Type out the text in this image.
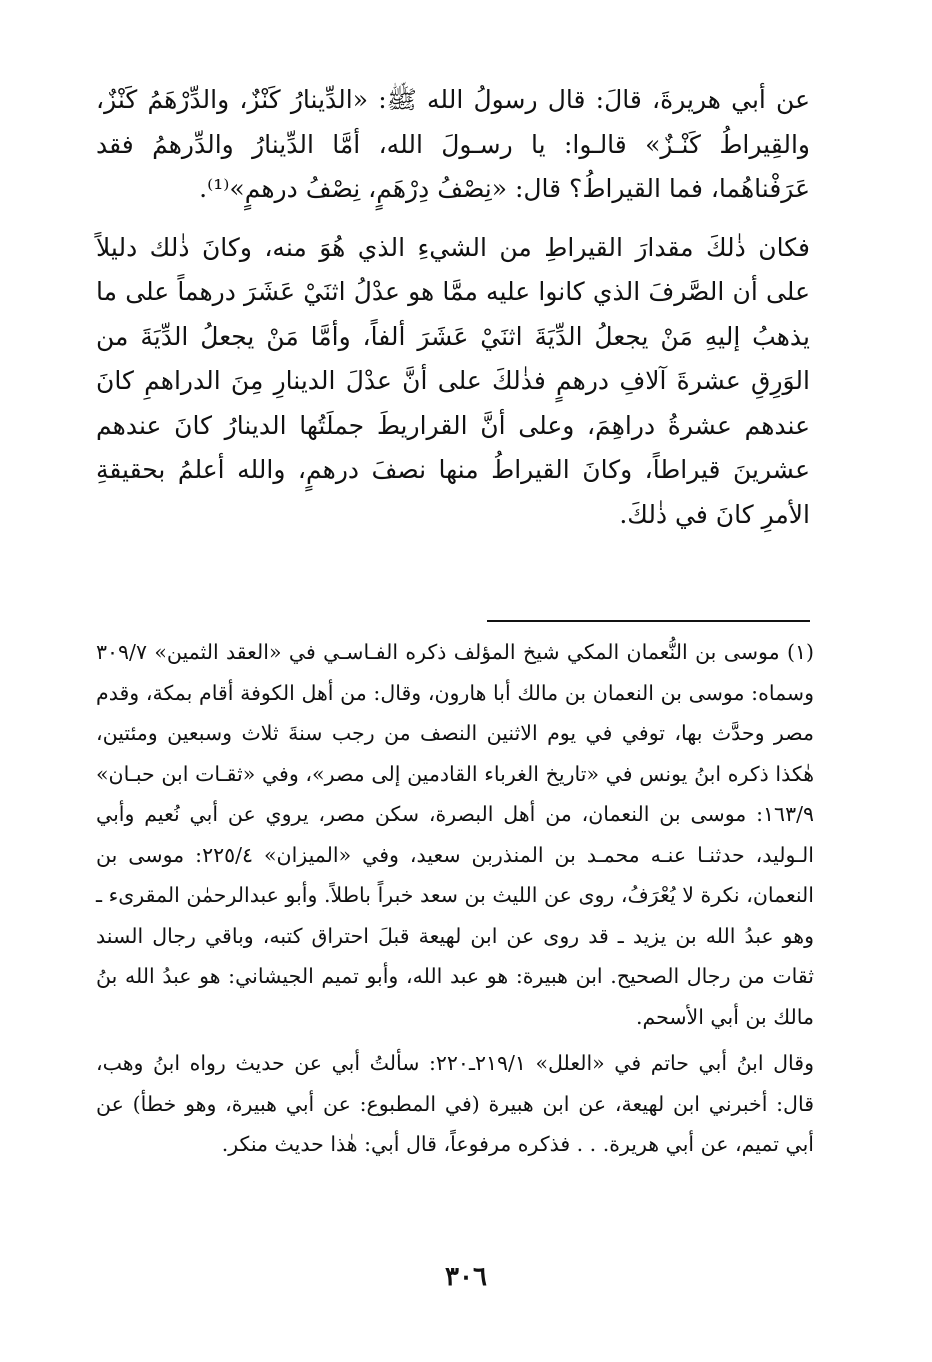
عن أبي هريرةَ، قالَ: قال رسولُ الله ﷺ: «الدِّينارُ كَنْزٌ، والدِّرْهَمُ كَنْزٌ، والقِيراطُ كَنْـزٌ» قالـوا: يا رسـولَ الله، أمَّا الدِّينارُ والدِّرهمُ فقد عَرَفْناهُما، فما القيراطُ؟ قال: «نِصْفُ دِرْهَمٍ، نِصْفُ درهمٍ»⁽¹⁾.

فكان ذٰلكَ مقدارَ القيراطِ من الشيءِ الذي هُوَ منه، وكانَ ذٰلك دليلاً على أن الصَّرفَ الذي كانوا عليه ممَّا هو عدْلُ اثنَيْ عَشَرَ درهماً على ما يذهبُ إليهِ مَنْ يجعلُ الدِّيَةَ اثنَيْ عَشَرَ ألفاً، وأمَّا مَنْ يجعلُ الدِّيَةَ من الوَرِقِ عشرةَ آلافِ درهمٍ فذٰلكَ على أنَّ عدْلَ الدينارِ مِنَ الدراهمِ كانَ عندهم عشرةُ دراهِمَ، وعلى أنَّ القراريطَ جملَتُها الدينارُ كانَ عندهم عشرينَ قيراطاً، وكانَ القيراطُ منها نصفَ درهمٍ، والله أعلمُ بحقيقةِ الأمرِ كانَ في ذٰلكَ.

(١) موسى بن النُّعمان المكي شيخ المؤلف ذكره الفـاسـي في «العقد الثمين» ٣٠٩/٧ وسماه: موسى بن النعمان بن مالك أبا هارون، وقال: من أهل الكوفة أقام بمكة، وقدم مصر وحدَّث بها، توفي في يوم الاثنين النصف من رجب سنةَ ثلاث وسبعين ومئتين، هٰكذا ذكره ابنُ يونس في «تاريخ الغرباء القادمين إلى مصر»، وفي «ثقـات ابن حبـان» ١٦٣/٩: موسى بن النعمان، من أهل البصرة، سكن مصر، يروي عن أبي نُعيم وأبي الـوليد، حدثنـا عنـه محمـد بن المنذربن سعيد، وفي «الميزان» ٢٢٥/٤: موسى بن النعمان، نكرة لا يُعْرَفُ، روى عن الليث بن سعد خبراً باطلاً. وأبو عبدالرحمٰن المقرىء ـ وهو عبدُ الله بن يزيد ـ قد روى عن ابن لهيعة قبلَ احتراق كتبه، وباقي رجال السند ثقات من رجال الصحيح. ابن هبيرة: هو عبد الله، وأبو تميم الجيشاني: هو عبدُ الله بنُ مالك بن أبي الأسحم.

وقال ابنُ أبي حاتم في «العلل» ٢١٩/١ـ٢٢٠: سألتُ أبي عن حديث رواه ابنُ وهب، قال: أخبرني ابن لهيعة، عن ابن هبيرة (في المطبوع: عن أبي هبيرة، وهو خطأ) عن أبي تميم، عن أبي هريرة. . . فذكره مرفوعاً، قال أبي: هٰذا حديث منكر.

٣٠٦
